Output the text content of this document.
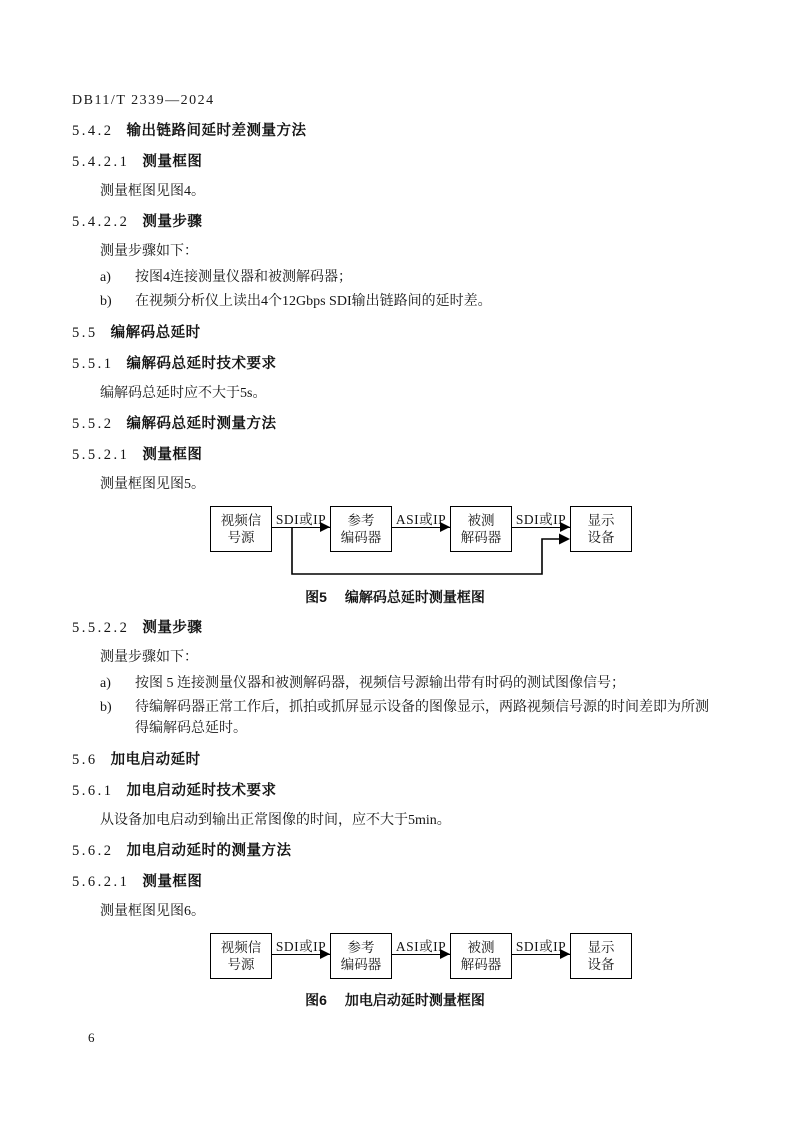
DB11/T 2339—2024
5.4.2 输出链路间延时差测量方法
5.4.2.1 测量框图
测量框图见图4。
5.4.2.2 测量步骤
测量步骤如下：
a)	按图4连接测量仪器和被测解码器；
b)	在视频分析仪上读出4个12Gbps SDI输出链路间的延时差。
5.5 编解码总延时
5.5.1 编解码总延时技术要求
编解码总延时应不大于5s。
5.5.2 编解码总延时测量方法
5.5.2.1 测量框图
测量框图见图5。
视频信
号源
SDI或IP 参考
编码器
ASI或IP 被测
解码器
SDI或IP 显示
设备
图5 编解码总延时测量框图
5.5.2.2 测量步骤
测量步骤如下：
a)	按图 5 连接测量仪器和被测解码器，视频信号源输出带有时码的测试图像信号；
b)	待编解码器正常工作后，抓拍或抓屏显示设备的图像显示，两路视频信号源的时间差即为所测得编解码总延时。
5.6 加电启动延时
5.6.1 加电启动延时技术要求
从设备加电启动到输出正常图像的时间，应不大于5min。
5.6.2 加电启动延时的测量方法
5.6.2.1 测量框图
测量框图见图6。
视频信
号源
SDI或IP 参考
编码器
ASI或IP 被测
解码器
SDI或IP 显示
设备
图6 加电启动延时测量框图
6
